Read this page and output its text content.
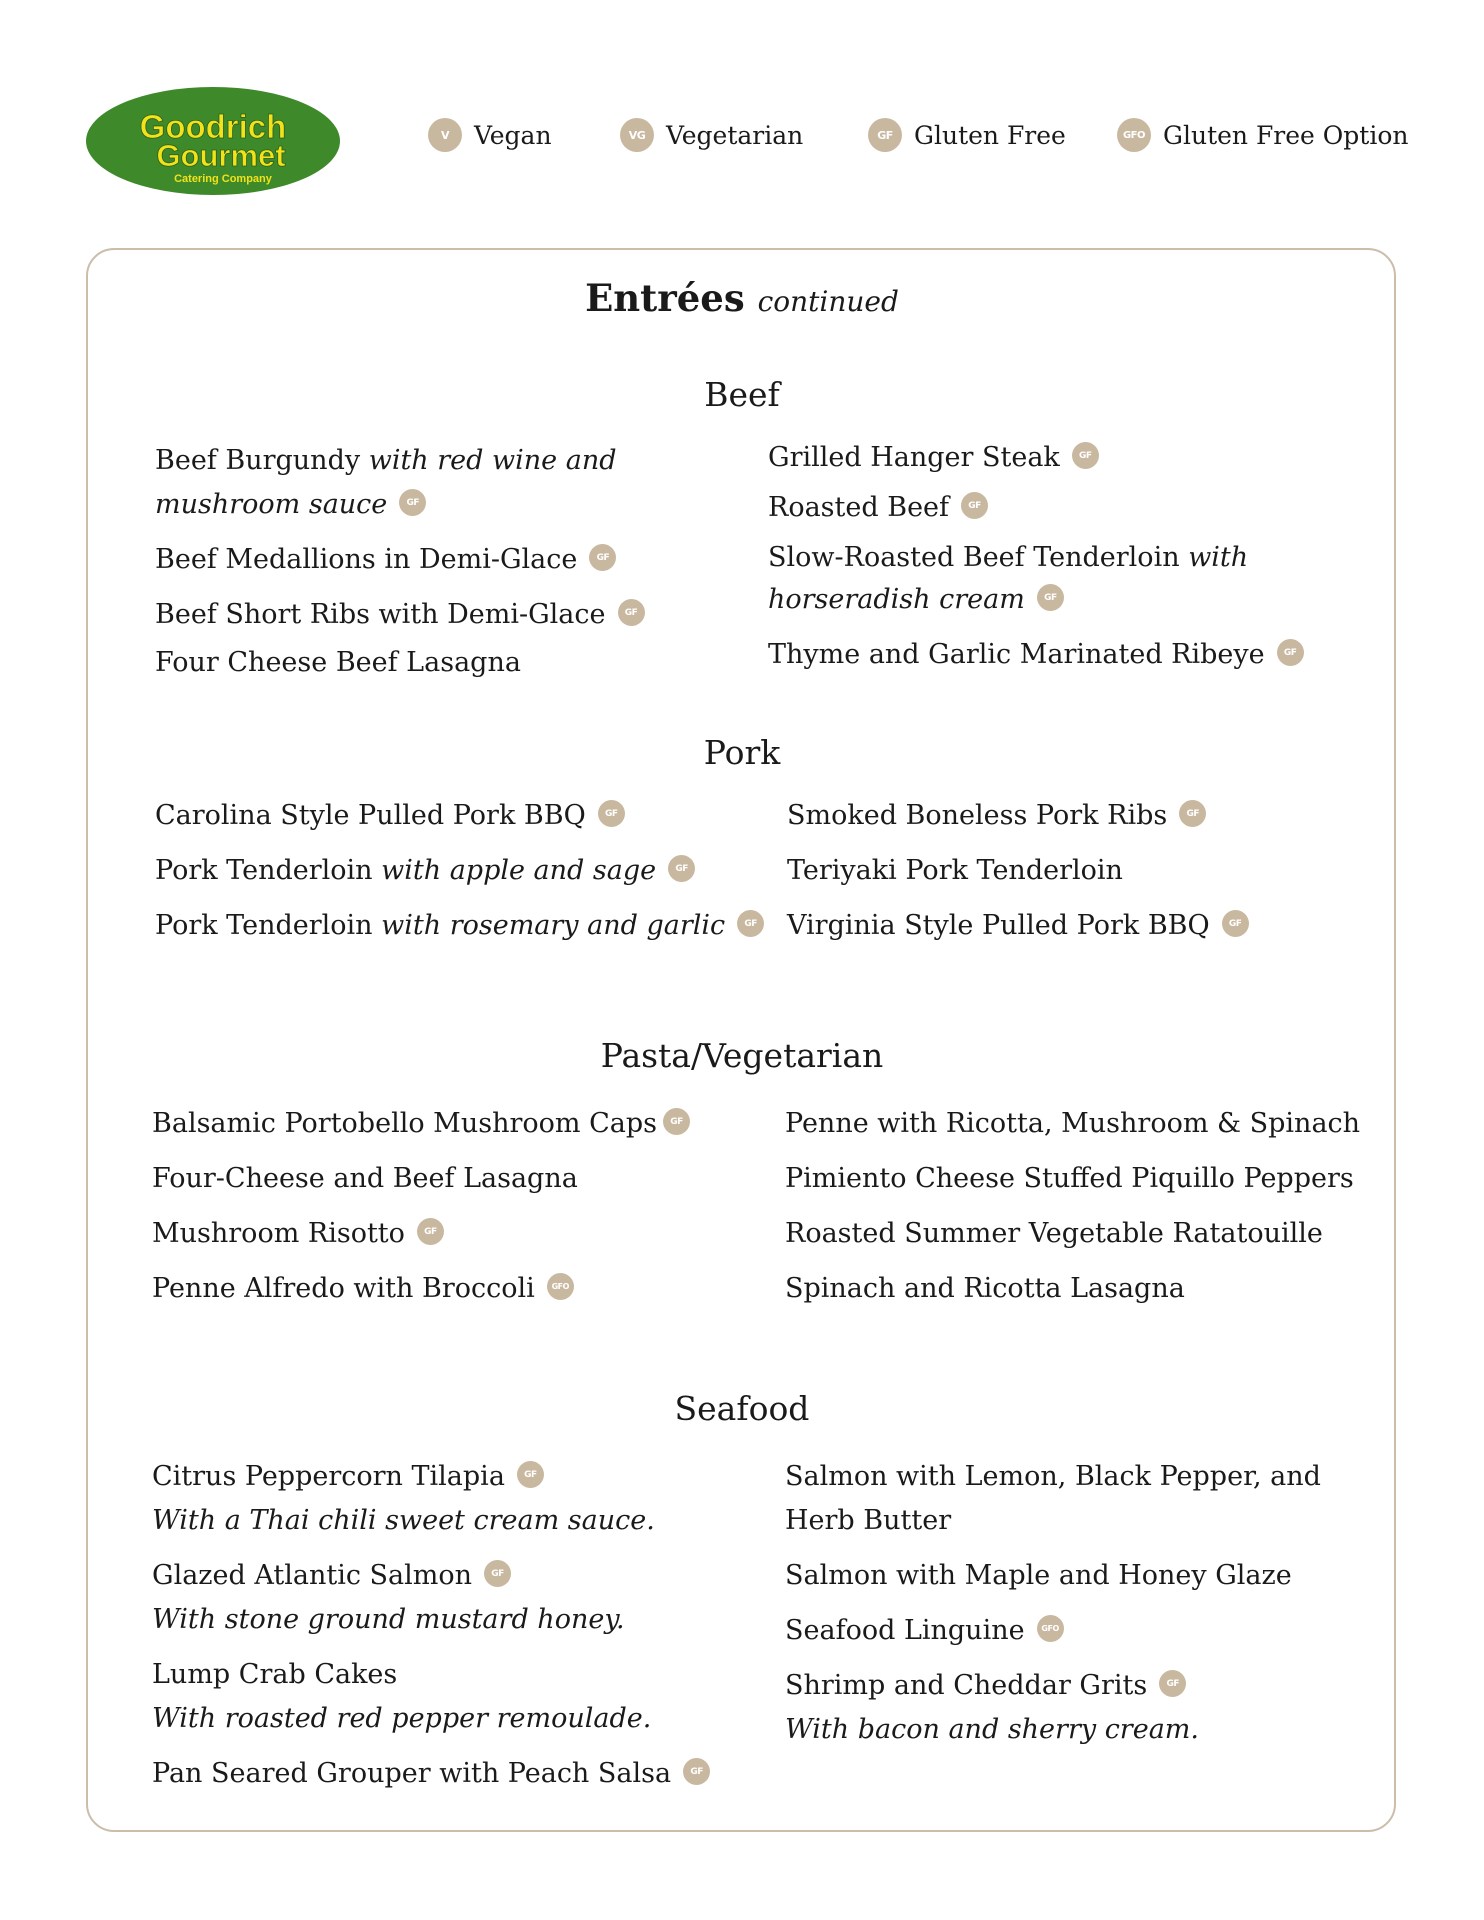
Goodrich
Gourmet
Catering Company
V	Vegan	VG Vegetarian	GF Gluten Free	GFO Gluten Free Option
Entrées continued
Beef
Beef Burgundy with red wine and
mushroom sauce GF
Beef Medallions in Demi-Glace GF
Beef Short Ribs with Demi-Glace GF
Four Cheese Beef Lasagna
Grilled Hanger Steak GF
Roasted Beef GF
Slow-Roasted Beef Tenderloin with
horseradish cream GF
Thyme and Garlic Marinated Ribeye GF
Pork
Carolina Style Pulled Pork BBQ GF
Pork Tenderloin with apple and sage GF
Pork Tenderloin with rosemary and garlic GF
Smoked Boneless Pork Ribs GF
Teriyaki Pork Tenderloin
Virginia Style Pulled Pork BBQ GF
Pasta/Vegetarian
Balsamic Portobello Mushroom Caps GF
Four-Cheese and Beef Lasagna
Mushroom Risotto GF
Penne Alfredo with Broccoli GFO
Penne with Ricotta, Mushroom & Spinach
Pimiento Cheese Stuffed Piquillo Peppers
Roasted Summer Vegetable Ratatouille
Spinach and Ricotta Lasagna
Seafood
Citrus Peppercorn Tilapia GF
With a Thai chili sweet cream sauce.
Glazed Atlantic Salmon GF
With stone ground mustard honey.
Lump Crab Cakes
With roasted red pepper remoulade.
Pan Seared Grouper with Peach Salsa GF
Salmon with Lemon, Black Pepper, and
Herb Butter
Salmon with Maple and Honey Glaze
Seafood Linguine GFO
Shrimp and Cheddar Grits GF
With bacon and sherry cream.
